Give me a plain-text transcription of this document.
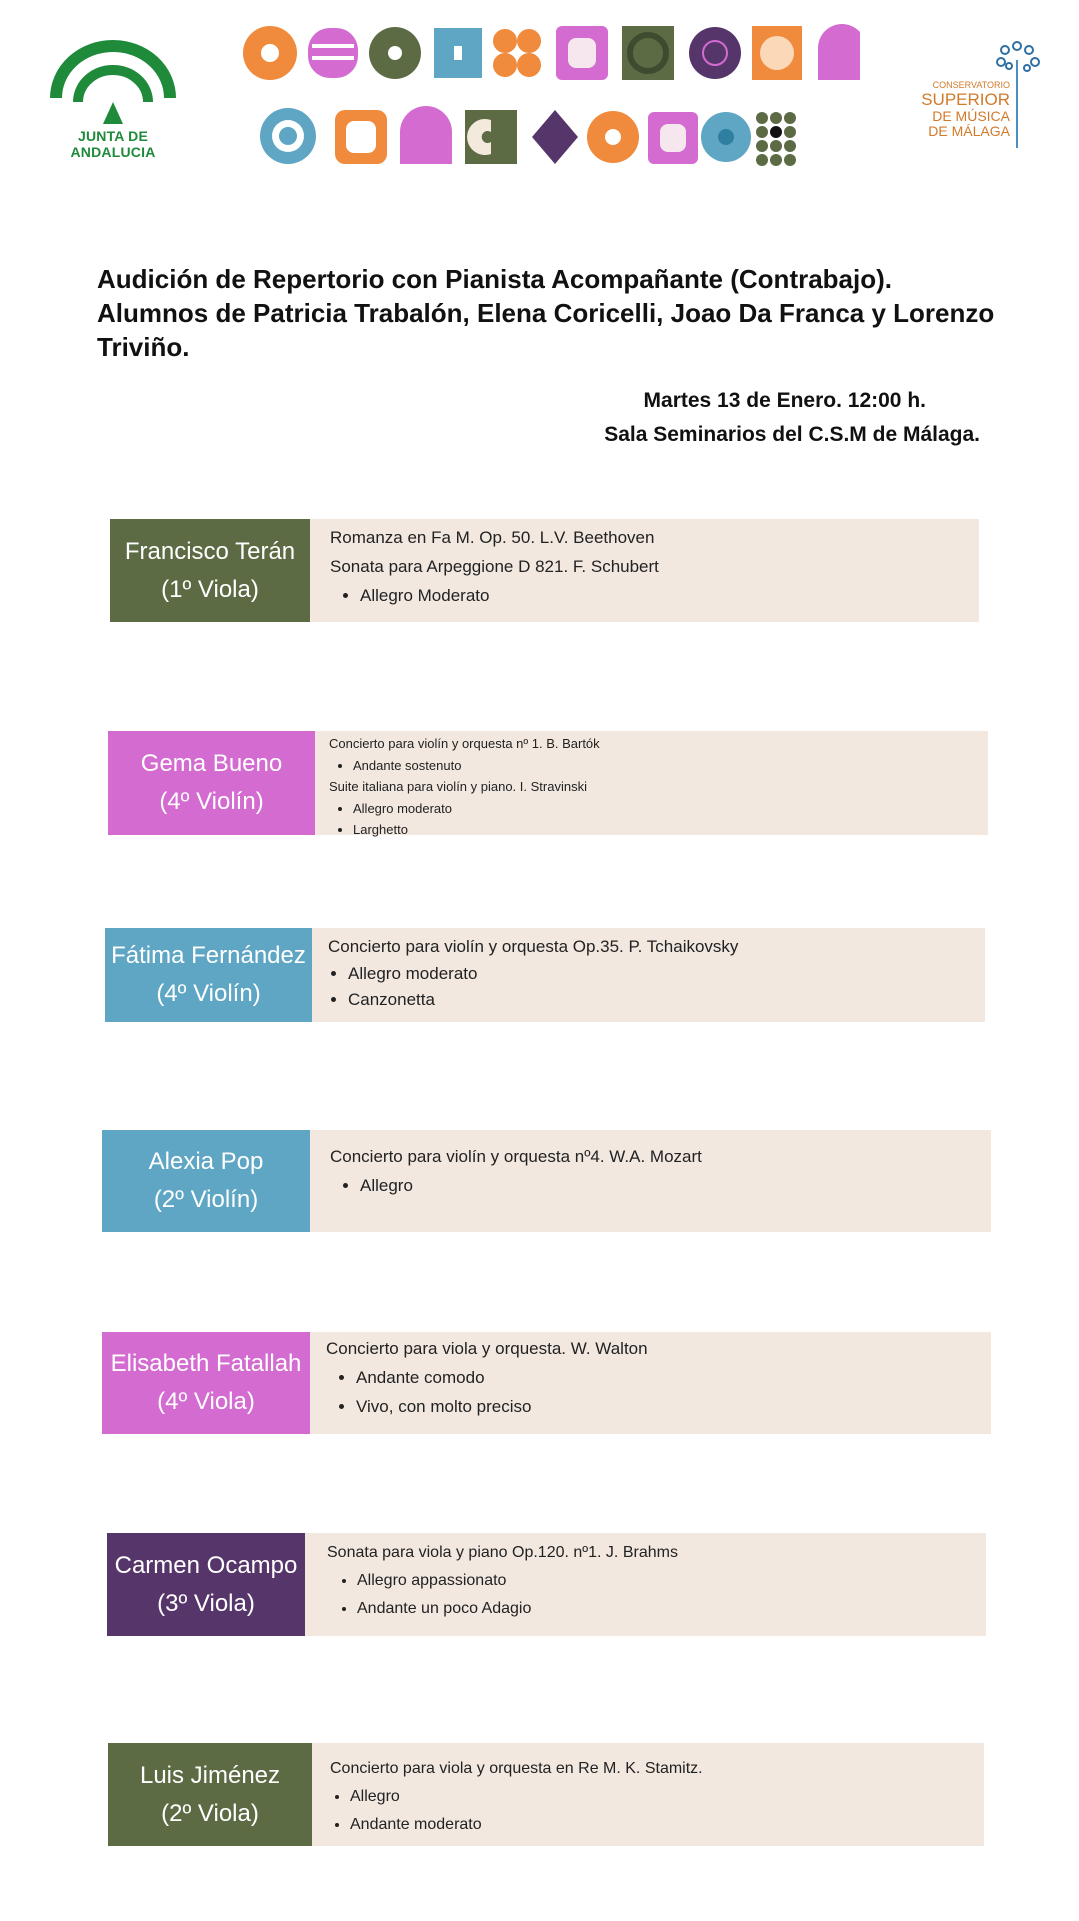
JUNTA DE ANDALUCIA
CONSERVATORIO
SUPERIOR
DE MÚSICA
DE MÁLAGA
Audición de Repertorio con Pianista Acompañante (Contrabajo).
Alumnos de Patricia Trabalón, Elena Coricelli, Joao Da Franca y Lorenzo
Triviño.
Martes 13 de Enero. 12:00 h.
Sala Seminarios del C.S.M de Málaga.
Francisco Terán
(1º Viola)
Romanza en Fa M. Op. 50. L.V. Beethoven
Sonata para Arpeggione D 821. F. Schubert
• Allegro Moderato
Gema Bueno
(4º Violín)
Concierto para violín y orquesta nº 1. B. Bartók
• Andante sostenuto
Suite italiana para violín y piano. I. Stravinski
• Allegro moderato
• Larghetto
Fátima Fernández
(4º Violín)
Concierto para violín y orquesta Op.35. P. Tchaikovsky
• Allegro moderato
• Canzonetta
Alexia Pop
(2º Violín)
Concierto para violín y orquesta nº4. W.A. Mozart
• Allegro
Elisabeth Fatallah
(4º Viola)
Concierto para viola y orquesta. W. Walton
• Andante comodo
• Vivo, con molto preciso
Carmen Ocampo
(3º Viola)
Sonata para viola y piano Op.120. nº1. J. Brahms
• Allegro appassionato
• Andante un poco Adagio
Luis Jiménez
(2º Viola)
Concierto para viola y orquesta en Re M. K. Stamitz.
• Allegro
• Andante moderato
